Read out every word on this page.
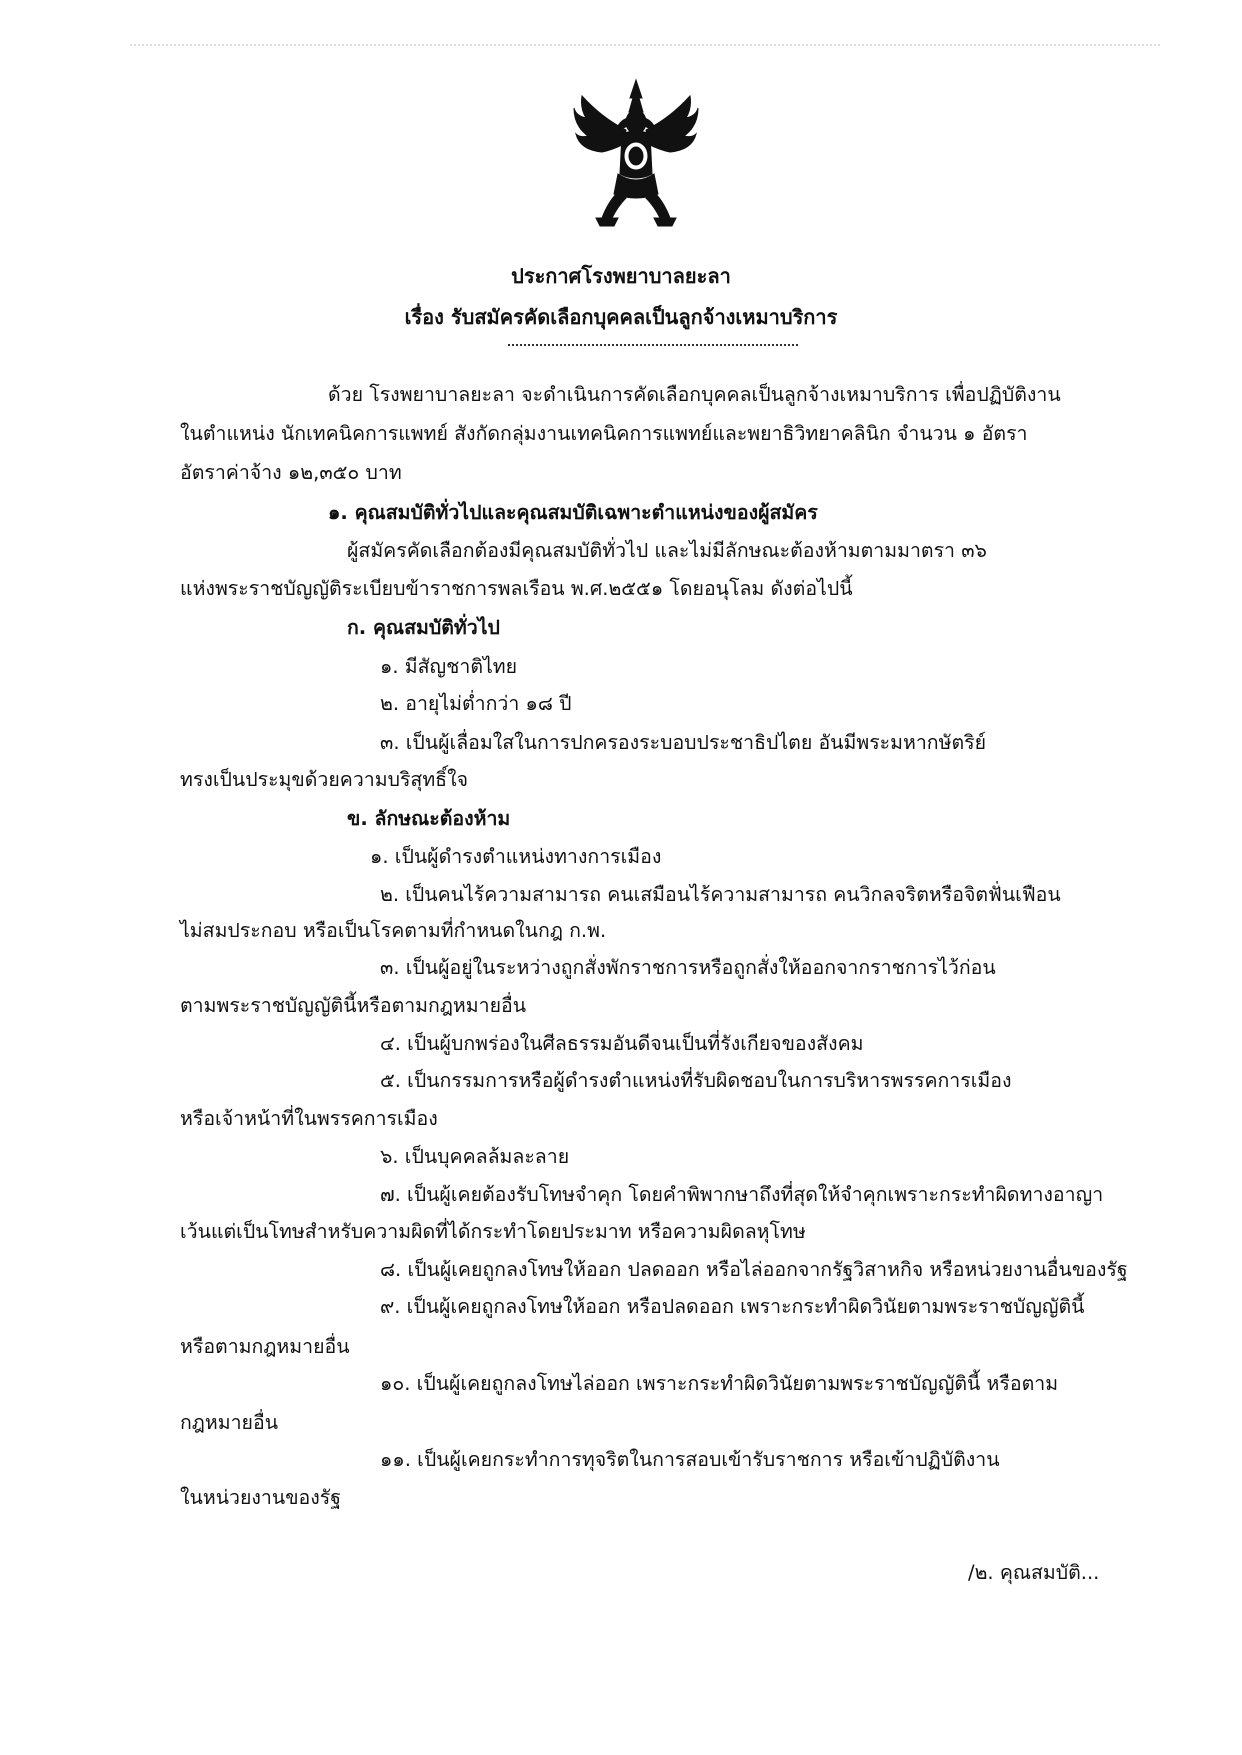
ประกาศโรงพยาบาลยะลา
เรื่อง รับสมัครคัดเลือกบุคคลเป็นลูกจ้างเหมาบริการ
ด้วย โรงพยาบาลยะลา จะดำเนินการคัดเลือกบุคคลเป็นลูกจ้างเหมาบริการ เพื่อปฏิบัติงาน
ในตำแหน่ง นักเทคนิคการแพทย์ สังกัดกลุ่มงานเทคนิคการแพทย์และพยาธิวิทยาคลินิก จำนวน ๑ อัตรา
อัตราค่าจ้าง ๑๒,๓๕๐ บาท
๑. คุณสมบัติทั่วไปและคุณสมบัติเฉพาะตำแหน่งของผู้สมัคร
ผู้สมัครคัดเลือกต้องมีคุณสมบัติทั่วไป และไม่มีลักษณะต้องห้ามตามมาตรา ๓๖
แห่งพระราชบัญญัติระเบียบข้าราชการพลเรือน พ.ศ.๒๕๕๑ โดยอนุโลม ดังต่อไปนี้
ก. คุณสมบัติทั่วไป
๑. มีสัญชาติไทย
๒. อายุไม่ต่ำกว่า ๑๘ ปี
๓. เป็นผู้เลื่อมใสในการปกครองระบอบประชาธิปไตย อันมีพระมหากษัตริย์
ทรงเป็นประมุขด้วยความบริสุทธิ์ใจ
ข. ลักษณะต้องห้าม
๑. เป็นผู้ดำรงตำแหน่งทางการเมือง
๒. เป็นคนไร้ความสามารถ คนเสมือนไร้ความสามารถ คนวิกลจริตหรือจิตฟั่นเฟือน
ไม่สมประกอบ หรือเป็นโรคตามที่กำหนดในกฎ ก.พ.
๓. เป็นผู้อยู่ในระหว่างถูกสั่งพักราชการหรือถูกสั่งให้ออกจากราชการไว้ก่อน
ตามพระราชบัญญัตินี้หรือตามกฎหมายอื่น
๔. เป็นผู้บกพร่องในศีลธรรมอันดีจนเป็นที่รังเกียจของสังคม
๕. เป็นกรรมการหรือผู้ดำรงตำแหน่งที่รับผิดชอบในการบริหารพรรคการเมือง
หรือเจ้าหน้าที่ในพรรคการเมือง
๖. เป็นบุคคลล้มละลาย
๗. เป็นผู้เคยต้องรับโทษจำคุก โดยคำพิพากษาถึงที่สุดให้จำคุกเพราะกระทำผิดทางอาญา
เว้นแต่เป็นโทษสำหรับความผิดที่ได้กระทำโดยประมาท หรือความผิดลหุโทษ
๘. เป็นผู้เคยถูกลงโทษให้ออก ปลดออก หรือไล่ออกจากรัฐวิสาหกิจ หรือหน่วยงานอื่นของรัฐ
๙. เป็นผู้เคยถูกลงโทษให้ออก หรือปลดออก เพราะกระทำผิดวินัยตามพระราชบัญญัตินี้
หรือตามกฎหมายอื่น
๑๐. เป็นผู้เคยถูกลงโทษไล่ออก เพราะกระทำผิดวินัยตามพระราชบัญญัตินี้ หรือตาม
กฎหมายอื่น
๑๑. เป็นผู้เคยกระทำการทุจริตในการสอบเข้ารับราชการ หรือเข้าปฏิบัติงาน
ในหน่วยงานของรัฐ
/๒. คุณสมบัติ...
